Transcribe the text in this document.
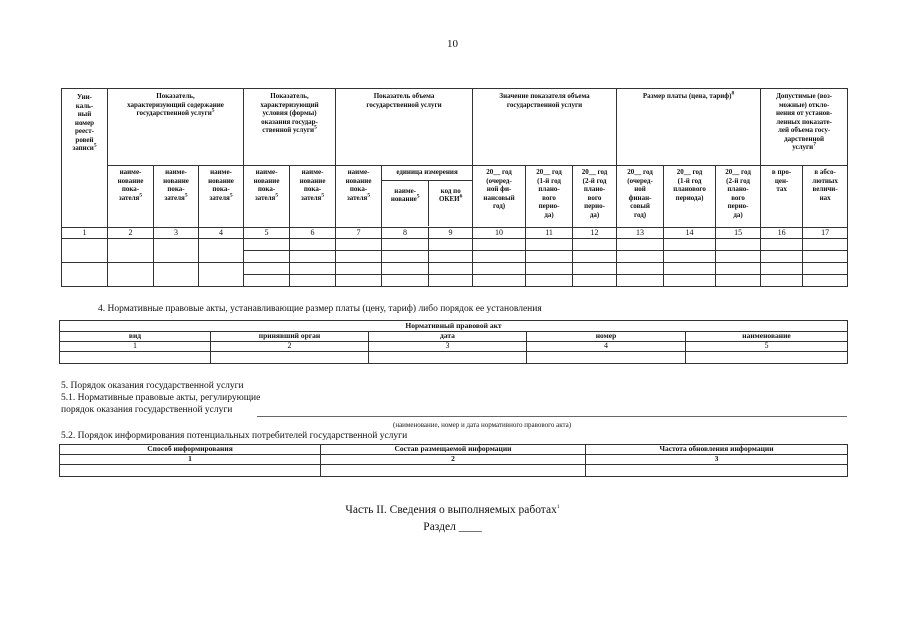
10
Уни-
каль-
ный
номер
реест-
ровей
записи$^5$	Показатель,
характеризующий содержание
государственной услуги$^5$	Показатель,
характеризующий
условия (формы)
оказания государ-
ственной услуги$^5$	Показатель объема
государственной услуги	Значение показателя объема
государственной услуги	Размер платы (цена, тариф)$^8$	Допустимые (воз-
можные) откло-
нения от установ-
ленных показате-
лей объема госу-
дарственной
услуги$^7$
наиме-
нование
пока-
зателя$^5$	наиме-
нование
пока-
зателя$^5$	наиме-
нование
пока-
зателя$^5$	наиме-
нование
пока-
зателя$^5$	наиме-
нование
пока-
зателя$^5$	наиме-
нование
пока-
зателя$^5$	
единица измерения
наиме-
нование$^5$	код по
ОКЕИ$^6$
	20__ год
(очеред-
ной фи-
нансовый
год)	20__ год
(1-й год
плано-
вого
перио-
да)	20__ год
(2-й год
плано-
вого
перио-
да)	20__ год
(очеред-
ной
финан-
совый
год)	20__ год
(1-й год
планового
периода)	20__ год
(2-й год
плано-
вого
перио-
да)	в про-
цен-
тах	в абсо-
лютных
величи-
нах
1	2	3	4	5	6	7	8	9	10	11	12	13	14	15	16	17

4. Нормативные правовые акты, устанавливающие размер платы (цену, тариф) либо порядок ее установления
Нормативный правовой акт				
вид	принявший орган	дата	номер	наименование
1	2	3	4	5

5. Порядок оказания государственной услуги
5.1. Нормативные правовые акты, регулирующие
порядок оказания государственной услуги
(наименование, номер и дата нормативного правового акта)
5.2. Порядок информирования потенциальных потребителей государственной услуги
Способ информирования	Состав размещаемой информации	Частота обновления информации
1	2	3

Часть II. Сведения о выполняемых работах$^1$
Раздел ____
